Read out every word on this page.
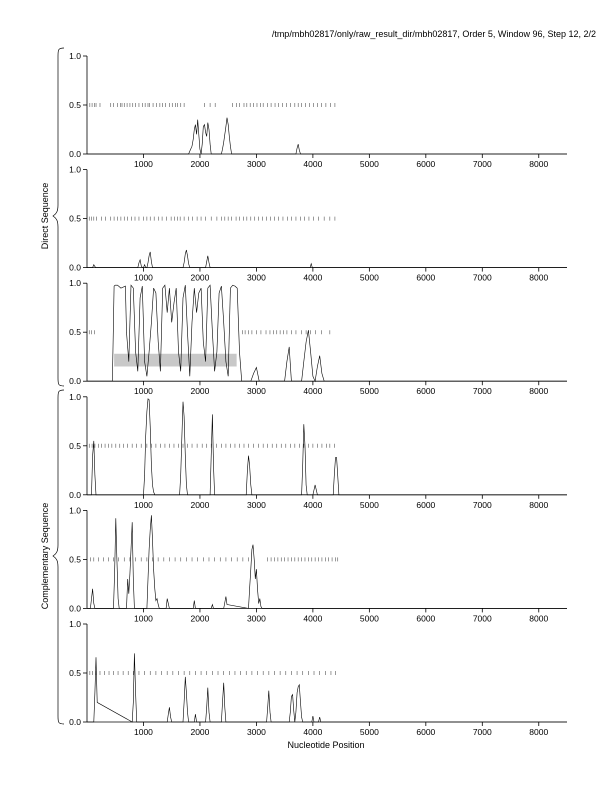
/tmp/mbh02817/only/raw_result_dir/mbh02817, Order 5, Window 96, Step 12, 2/2
0.0
0.5
1.0
1000	2000	3000	4000	5000	6000	7000	8000
0.0
0.5
1.0
1000	2000	3000	4000	5000	6000	7000	8000
0.0
0.5
1.0
1000	2000	3000	4000	5000	6000	7000	8000
0.0
0.5
1.0
1000	2000	3000	4000	5000	6000	7000	8000
0.0
0.5
1.0
1000	2000	3000	4000	5000	6000	7000	8000
0.0
0.5
1.0
1000	2000	3000	4000	5000	6000	7000	8000
Direct Sequence
Complementary Sequence
Nucleotide Position
